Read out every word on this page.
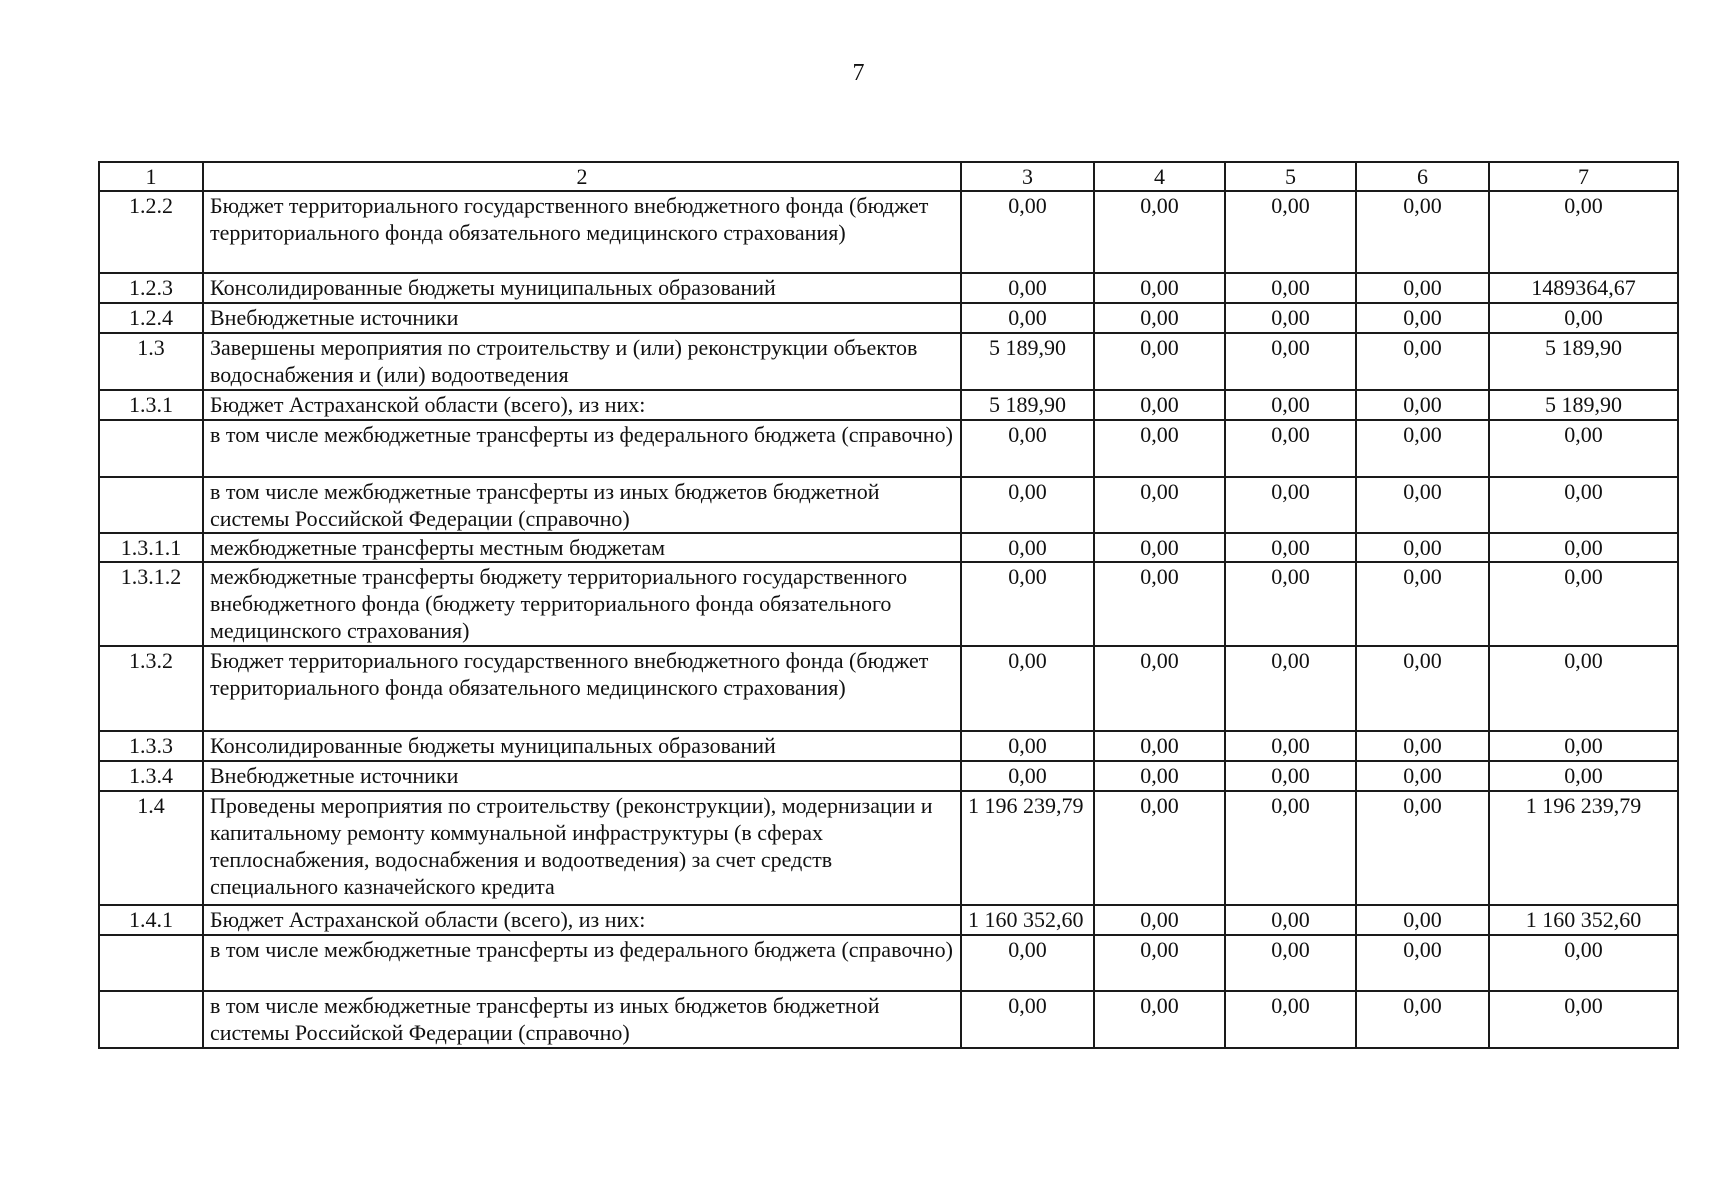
7
1	2	3	4	5	6	7
1.2.2	Бюджет территориального государственного внебюджетного фонда (бюджет территориального фонда обязательного медицинского страхования)	0,00	0,00	0,00	0,00	0,00
1.2.3	Консолидированные бюджеты муниципальных образований	0,00	0,00	0,00	0,00	1489364,67
1.2.4	Внебюджетные источники	0,00	0,00	0,00	0,00	0,00
1.3	Завершены мероприятия по строительству и (или) реконструкции объектов водоснабжения и (или) водоотведения	5 189,90	0,00	0,00	0,00	5 189,90
1.3.1	Бюджет Астраханской области (всего), из них:	5 189,90	0,00	0,00	0,00	5 189,90
	в том числе межбюджетные трансферты из федерального бюджета (справочно)	0,00	0,00	0,00	0,00	0,00
	в том числе межбюджетные трансферты из иных бюджетов бюджетной системы Российской Федерации (справочно)	0,00	0,00	0,00	0,00	0,00
1.3.1.1	межбюджетные трансферты местным бюджетам	0,00	0,00	0,00	0,00	0,00
1.3.1.2	межбюджетные трансферты бюджету территориального государственного внебюджетного фонда (бюджету территориального фонда обязательного медицинского страхования)	0,00	0,00	0,00	0,00	0,00
1.3.2	Бюджет территориального государственного внебюджетного фонда (бюджет территориального фонда обязательного медицинского страхования)	0,00	0,00	0,00	0,00	0,00
1.3.3	Консолидированные бюджеты муниципальных образований	0,00	0,00	0,00	0,00	0,00
1.3.4	Внебюджетные источники	0,00	0,00	0,00	0,00	0,00
1.4	Проведены мероприятия по строительству (реконструкции), модернизации и капитальному ремонту коммунальной инфраструктуры (в сферах теплоснабжения, водоснабжения и водоотведения) за счет средств специального казначейского кредита	1 196 239,79	0,00	0,00	0,00	1 196 239,79
1.4.1	Бюджет Астраханской области (всего), из них:	1 160 352,60	0,00	0,00	0,00	1 160 352,60
	в том числе межбюджетные трансферты из федерального бюджета (справочно)	0,00	0,00	0,00	0,00	0,00
	в том числе межбюджетные трансферты из иных бюджетов бюджетной системы Российской Федерации (справочно)	0,00	0,00	0,00	0,00	0,00
